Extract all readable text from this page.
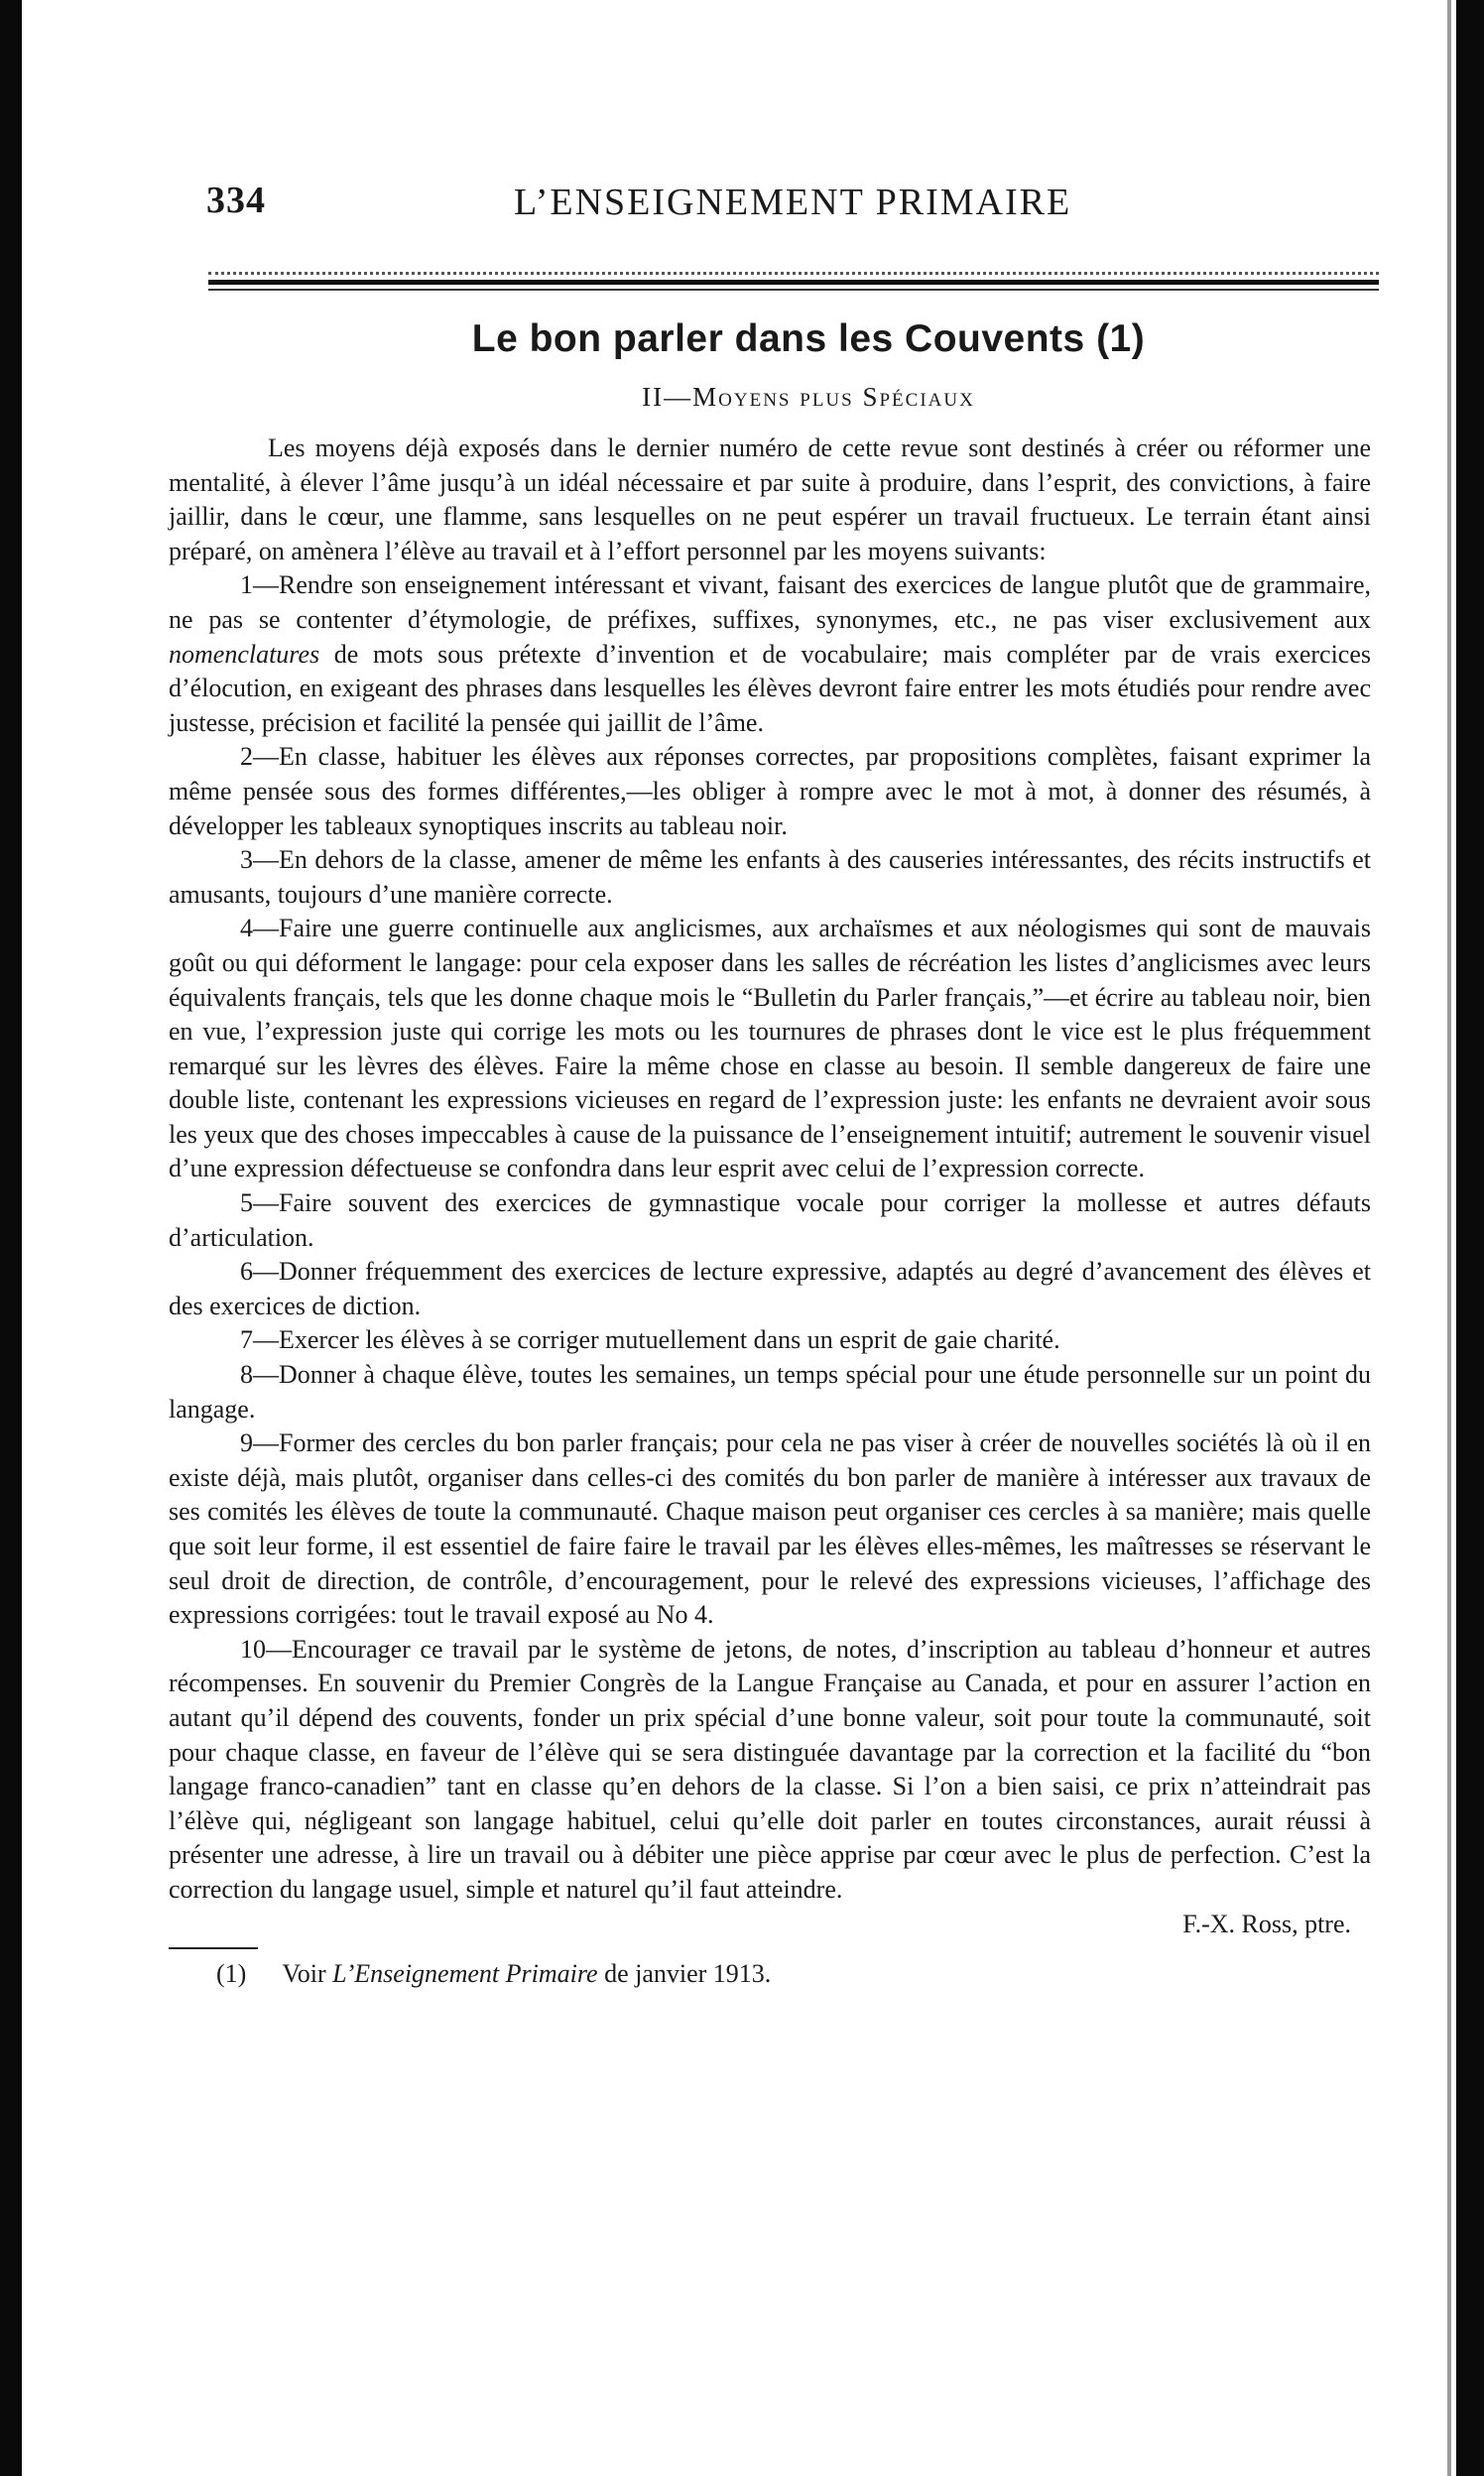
334	L’ENSEIGNEMENT PRIMAIRE
Le bon parler dans les Couvents (1)
II—Moyens plus Spéciaux

Les moyens déjà exposés dans le dernier numéro de cette revue sont destinés à créer ou réformer une mentalité, à élever l’âme jusqu’à un idéal nécessaire et par suite à produire, dans l’esprit, des convictions, à faire jaillir, dans le cœur, une flamme, sans lesquelles on ne peut espérer un travail fructueux. Le terrain étant ainsi préparé, on amènera l’élève au travail et à l’effort personnel par les moyens suivants:

1—Rendre son enseignement intéressant et vivant, faisant des exercices de langue plutôt que de grammaire, ne pas se contenter d’étymologie, de préfixes, suffixes, synonymes, etc., ne pas viser exclusivement aux nomenclatures de mots sous prétexte d’invention et de vocabulaire; mais compléter par de vrais exercices d’élocution, en exigeant des phrases dans lesquelles les élèves devront faire entrer les mots étudiés pour rendre avec justesse, précision et facilité la pensée qui jaillit de l’âme.

2—En classe, habituer les élèves aux réponses correctes, par propositions complètes, faisant exprimer la même pensée sous des formes différentes,—les obliger à rompre avec le mot à mot, à donner des résumés, à développer les tableaux synoptiques inscrits au tableau noir.

3—En dehors de la classe, amener de même les enfants à des causeries intéressantes, des récits instructifs et amusants, toujours d’une manière correcte.

4—Faire une guerre continuelle aux anglicismes, aux archaïsmes et aux néologismes qui sont de mauvais goût ou qui déforment le langage: pour cela exposer dans les salles de récréation les listes d’anglicismes avec leurs équivalents français, tels que les donne chaque mois le “Bulletin du Parler français,”—et écrire au tableau noir, bien en vue, l’expression juste qui corrige les mots ou les tournures de phrases dont le vice est le plus fréquemment remarqué sur les lèvres des élèves. Faire la même chose en classe au besoin. Il semble dangereux de faire une double liste, contenant les expressions vicieuses en regard de l’expression juste: les enfants ne devraient avoir sous les yeux que des choses impeccables à cause de la puissance de l’enseignement intuitif; autrement le souvenir visuel d’une expression défectueuse se confondra dans leur esprit avec celui de l’expression correcte.

5—Faire souvent des exercices de gymnastique vocale pour corriger la mollesse et autres défauts d’articulation.

6—Donner fréquemment des exercices de lecture expressive, adaptés au degré d’avancement des élèves et des exercices de diction.

7—Exercer les élèves à se corriger mutuellement dans un esprit de gaie charité.

8—Donner à chaque élève, toutes les semaines, un temps spécial pour une étude personnelle sur un point du langage.

9—Former des cercles du bon parler français; pour cela ne pas viser à créer de nouvelles sociétés là où il en existe déjà, mais plutôt, organiser dans celles-ci des comités du bon parler de manière à intéresser aux travaux de ses comités les élèves de toute la communauté. Chaque maison peut organiser ces cercles à sa manière; mais quelle que soit leur forme, il est essentiel de faire faire le travail par les élèves elles-mêmes, les maîtresses se réservant le seul droit de direction, de contrôle, d’encouragement, pour le relevé des expressions vicieuses, l’affichage des expressions corrigées: tout le travail exposé au No 4.

10—Encourager ce travail par le système de jetons, de notes, d’inscription au tableau d’honneur et autres récompenses. En souvenir du Premier Congrès de la Langue Française au Canada, et pour en assurer l’action en autant qu’il dépend des couvents, fonder un prix spécial d’une bonne valeur, soit pour toute la communauté, soit pour chaque classe, en faveur de l’élève qui se sera distinguée davantage par la correction et la facilité du “bon langage franco-canadien” tant en classe qu’en dehors de la classe. Si l’on a bien saisi, ce prix n’atteindrait pas l’élève qui, négligeant son langage habituel, celui qu’elle doit parler en toutes circonstances, aurait réussi à présenter une adresse, à lire un travail ou à débiter une pièce apprise par cœur avec le plus de perfection. C’est la correction du langage usuel, simple et naturel qu’il faut atteindre.

F.-X. Ross, ptre.
(1) Voir L’Enseignement Primaire de janvier 1913.
